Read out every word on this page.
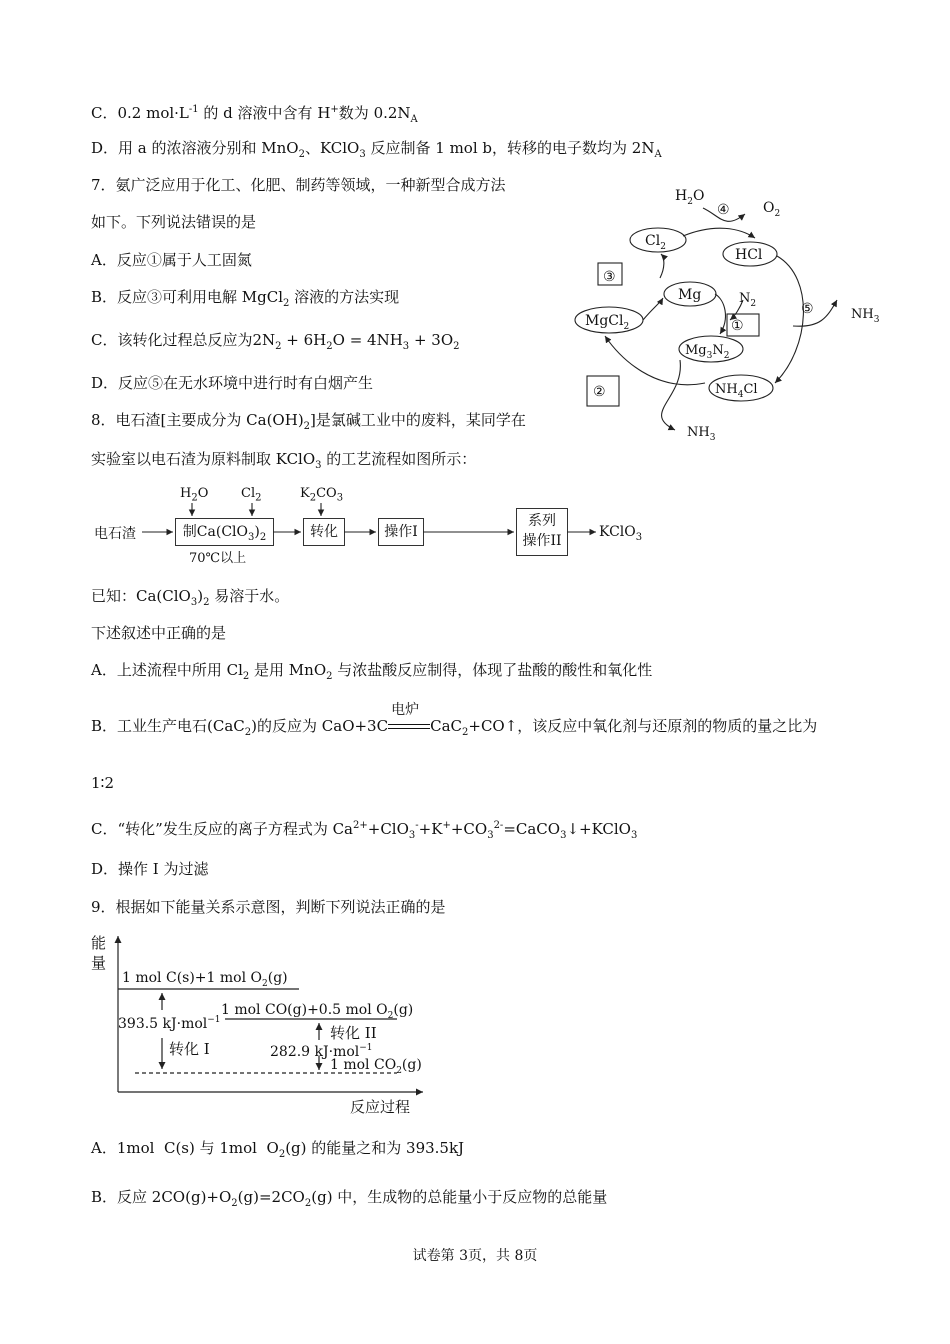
C．0.2 $mol\cdot L^{-1}$ 的 d 溶液中含有 H+数为 $0.2N_A$
D．用 a 的浓溶液分别和 MnO$_2$、KClO$_3$ 反应制备 1 mol b，转移的电子数均为 $2N_A$
7．氨广泛应用于化工、化肥、制药等领域，一种新型合成方法
如下。下列说法错误的是
A．反应①属于人工固氮
B．反应③可利用电解 MgCl$_2$ 溶液的方法实现
C．该转化过程总反应为$2N_2 + 6H_2O = 4NH_3 + 3O_2$
D．反应⑤在无水环境中进行时有白烟产生
$H_2O$
$O_2$
④
$Cl_2$	HCl
③
Mg	$N_2$
①
MgCl$_2$
⑤	$NH_3$
$Mg_3N_2$
②	$NH_4Cl$
$NH_3$
8．电石渣[主要成分为 $Ca(OH)_2$]是氯碱工业中的废料，某同学在
实验室以电石渣为原料制取 KClO$_3$ 的工艺流程如图所示：
电石渣
$H_2O$	$Cl_2$	$K_2CO_3$
制$Ca(ClO_3)_2$
70℃以上
转化	操作I
系列
操作II
KClO$_3$
已知：$Ca(ClO_3)_2$ 易溶于水。
下述叙述中正确的是
A．上述流程中所用 $Cl_2$ 是用 MnO$_2$ 与浓盐酸反应制得，体现了盐酸的酸性和氧化性
B．工业生产电石(CaC$_2$)的反应为 CaO+3C
电炉
CaC$_2$+CO↑，该反应中氧化剂与还原剂的物质的量之比为
1∶2
C．“转化”发生反应的离子方程式为 $Ca^{2+}+ClO_3^-+K^++CO_3^{2-}=CaCO_3↓+KClO_3$
D．操作 I 为过滤
9．根据如下能量关系示意图，判断下列说法正确的是
能
量
1 mol C(s)+1 mol $O_2(g)$
1 mol CO(g)+0.5 mol $O_2(g)$
393.5 kJ·mol$^{-1}$
转化 I
转化 II
282.9 kJ·mol$^{-1}$
1 mol $CO_2(g)$
反应过程
A．1mol  C(s) 与 1mol  $O_2(g)$ 的能量之和为 393.5kJ
B．反应 $2CO(g)+O_2(g)=2CO_2(g)$ 中，生成物的总能量小于反应物的总能量
试卷第 3页，共 8页
